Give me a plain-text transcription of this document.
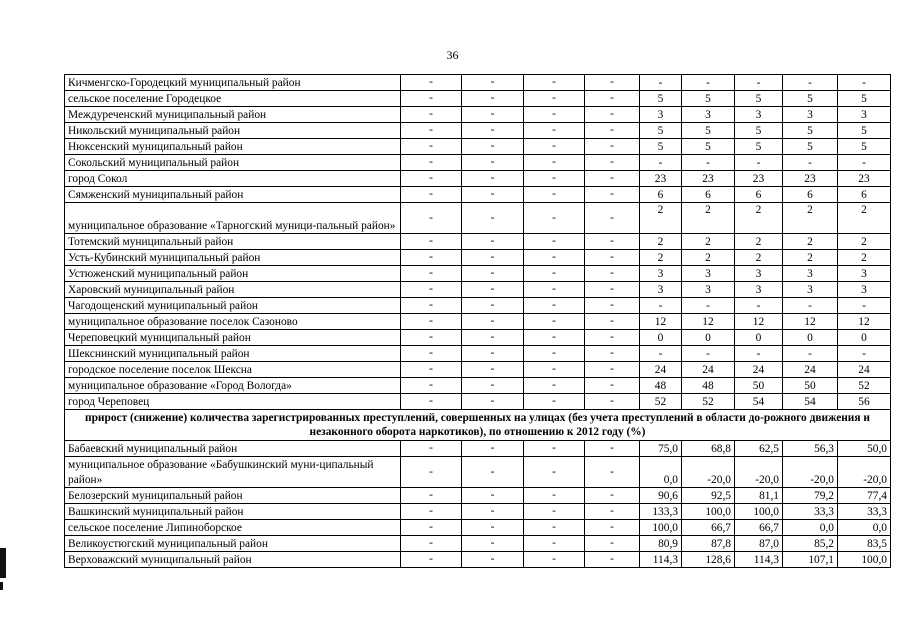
36
Кичменгско-Городецкий муниципальный район	-	-	-	-	-	-	-	-	-
сельское поселение Городецкое	-	-	-	-	5	5	5	5	5
Междуреченский муниципальный район	-	-	-	-	3	3	3	3	3
Никольский муниципальный район	-	-	-	-	5	5	5	5	5
Нюксенский муниципальный район	-	-	-	-	5	5	5	5	5
Сокольский муниципальный район	-	-	-	-	-	-	-	-	-
город Сокол	-	-	-	-	23	23	23	23	23
Сямженский муниципальный район	-	-	-	-	6	6	6	6	6
муниципальное образование «Тарногский муници-пальный район»	-	-	-	-	2	2	2	2	2
Тотемский муниципальный район	-	-	-	-	2	2	2	2	2
Усть-Кубинский муниципальный район	-	-	-	-	2	2	2	2	2
Устюженский муниципальный район	-	-	-	-	3	3	3	3	3
Харовский муниципальный район	-	-	-	-	3	3	3	3	3
Чагодощенский муниципальный район	-	-	-	-	-	-	-	-	-
муниципальное образование поселок Сазоново	-	-	-	-	12	12	12	12	12
Череповецкий муниципальный район	-	-	-	-	0	0	0	0	0
Шекснинский муниципальный район	-	-	-	-	-	-	-	-	-
городское поселение поселок Шексна	-	-	-	-	24	24	24	24	24
муниципальное образование «Город Вологда»	-	-	-	-	48	48	50	50	52
город Череповец	-	-	-	-	52	52	54	54	56
прирост (снижение) количества зарегистрированных преступлений, совершенных на улицах (без учета преступлений в области до-рожного движения и незаконного оборота наркотиков), по отношению к 2012 году (%)									
Бабаевский муниципальный район	-	-	-	-	75,0	68,8	62,5	56,3	50,0
муниципальное образование «Бабушкинский муни-ципальный район»	-	-	-	-	0,0	-20,0	-20,0	-20,0	-20,0
Белозерский муниципальный район	-	-	-	-	90,6	92,5	81,1	79,2	77,4
Вашкинский муниципальный район	-	-	-	-	133,3	100,0	100,0	33,3	33,3
сельское поселение Липиноборское	-	-	-	-	100,0	66,7	66,7	0,0	0,0
Великоустюгский муниципальный район	-	-	-	-	80,9	87,8	87,0	85,2	83,5
Верховажский муниципальный район	-	-	-	-	114,3	128,6	114,3	107,1	100,0
